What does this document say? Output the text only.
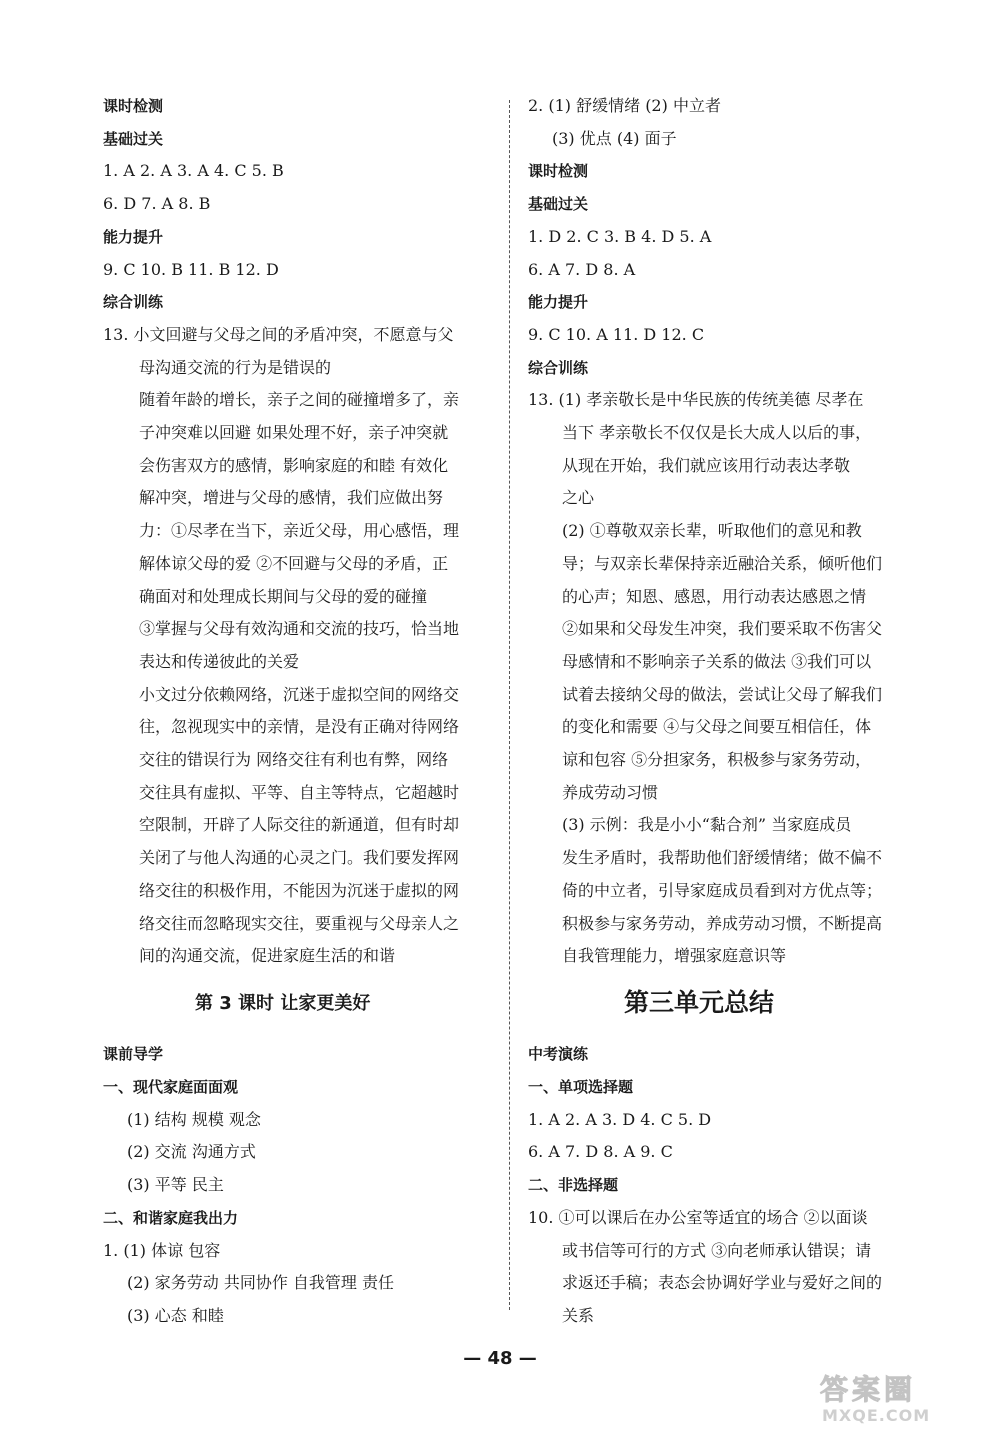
课时检测
基础过关
1. A 2. A 3. A 4. C 5. B
6. D 7. A 8. B
能力提升
9. C 10. B 11. B 12. D
综合训练
13. 小文回避与父母之间的矛盾冲突，不愿意与父
母沟通交流的行为是错误的
随着年龄的增长，亲子之间的碰撞增多了，亲
子冲突难以回避 如果处理不好，亲子冲突就
会伤害双方的感情，影响家庭的和睦 有效化
解冲突，增进与父母的感情，我们应做出努
力：①尽孝在当下，亲近父母，用心感悟，理
解体谅父母的爱 ②不回避与父母的矛盾，正
确面对和处理成长期间与父母的爱的碰撞
③掌握与父母有效沟通和交流的技巧，恰当地
表达和传递彼此的关爱
小文过分依赖网络，沉迷于虚拟空间的网络交
往，忽视现实中的亲情，是没有正确对待网络
交往的错误行为 网络交往有利也有弊，网络
交往具有虚拟、平等、自主等特点，它超越时
空限制，开辟了人际交往的新通道，但有时却
关闭了与他人沟通的心灵之门。我们要发挥网
络交往的积极作用，不能因为沉迷于虚拟的网
络交往而忽略现实交往，要重视与父母亲人之
间的沟通交流，促进家庭生活的和谐
课前导学
一、现代家庭面面观
(1) 结构 规模 观念
(2) 交流 沟通方式
(3) 平等 民主
二、和谐家庭我出力
1. (1) 体谅 包容
(2) 家务劳动 共同协作 自我管理 责任
(3) 心态 和睦
2. (1) 舒缓情绪 (2) 中立者
(3) 优点 (4) 面子
课时检测
基础过关
1. D 2. C 3. B 4. D 5. A
6. A 7. D 8. A
能力提升
9. C 10. A 11. D 12. C
综合训练
13. (1) 孝亲敬长是中华民族的传统美德 尽孝在
当下 孝亲敬长不仅仅是长大成人以后的事，
从现在开始，我们就应该用行动表达孝敬
之心
(2) ①尊敬双亲长辈，听取他们的意见和教
导；与双亲长辈保持亲近融洽关系，倾听他们
的心声；知恩、感恩，用行动表达感恩之情
②如果和父母发生冲突，我们要采取不伤害父
母感情和不影响亲子关系的做法 ③我们可以
试着去接纳父母的做法，尝试让父母了解我们
的变化和需要 ④与父母之间要互相信任，体
谅和包容 ⑤分担家务，积极参与家务劳动，
养成劳动习惯
(3) 示例：我是小小“黏合剂” 当家庭成员
发生矛盾时，我帮助他们舒缓情绪；做不偏不
倚的中立者，引导家庭成员看到对方优点等；
积极参与家务劳动，养成劳动习惯，不断提高
自我管理能力，增强家庭意识等
中考演练
一、单项选择题
1. A 2. A 3. D 4. C 5. D
6. A 7. D 8. A 9. C
二、非选择题
10. ①可以课后在办公室等适宜的场合 ②以面谈
或书信等可行的方式 ③向老师承认错误；请
求返还手稿；表态会协调好学业与爱好之间的
关系
第 3 课时 让家更美好	第三单元总结
— 48 —
答案圈
MXQE.COM
